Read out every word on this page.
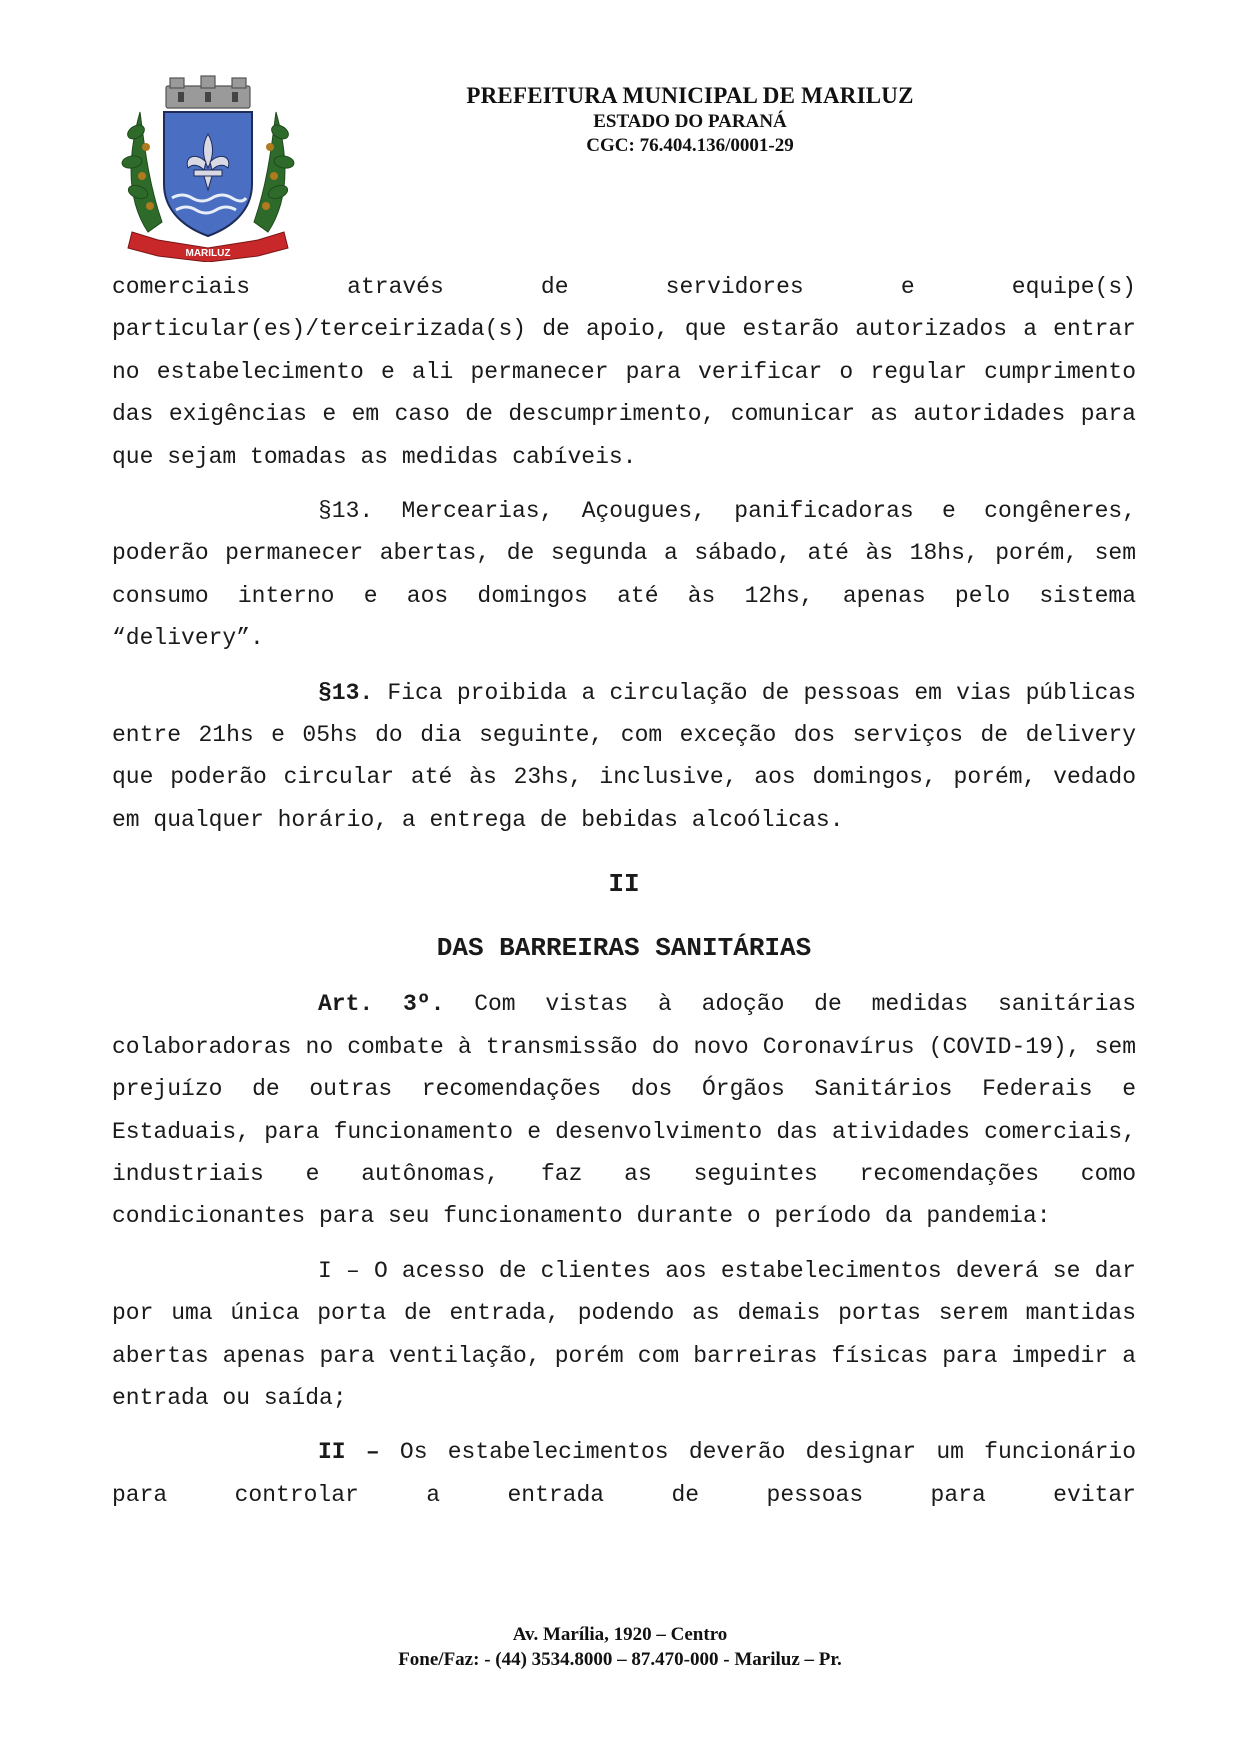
MARILUZ
PREFEITURA MUNICIPAL DE MARILUZ
ESTADO DO PARANÁ
CGC: 76.404.136/0001-29

comerciais através de servidores e equipe(s) particular(es)/terceirizada(s) de apoio, que estarão autorizados a entrar no estabelecimento e ali permanecer para verificar o regular cumprimento das exigências e em caso de descumprimento, comunicar as autoridades para que sejam tomadas as medidas cabíveis.

§13. Mercearias, Açougues, panificadoras e congêneres, poderão permanecer abertas, de segunda a sábado, até às 18hs, porém, sem consumo interno e aos domingos até às 12hs, apenas pelo sistema “delivery”.

§13. Fica proibida a circulação de pessoas em vias públicas entre 21hs e 05hs do dia seguinte, com exceção dos serviços de delivery que poderão circular até às 23hs, inclusive, aos domingos, porém, vedado em qualquer horário, a entrega de bebidas alcoólicas.

II
DAS BARREIRAS SANITÁRIAS

Art. 3º. Com vistas à adoção de medidas sanitárias colaboradoras no combate à transmissão do novo Coronavírus (COVID-19), sem prejuízo de outras recomendações dos Órgãos Sanitários Federais e Estaduais, para funcionamento e desenvolvimento das atividades comerciais, industriais e autônomas, faz as seguintes recomendações como condicionantes para seu funcionamento durante o período da pandemia:

I – O acesso de clientes aos estabelecimentos deverá se dar por uma única porta de entrada, podendo as demais portas serem mantidas abertas apenas para ventilação, porém com barreiras físicas para impedir a entrada ou saída;

II – Os estabelecimentos deverão designar um funcionário para controlar a entrada de pessoas para evitar

Av. Marília, 1920 – Centro
Fone/Faz: - (44) 3534.8000 – 87.470-000 - Mariluz – Pr.
